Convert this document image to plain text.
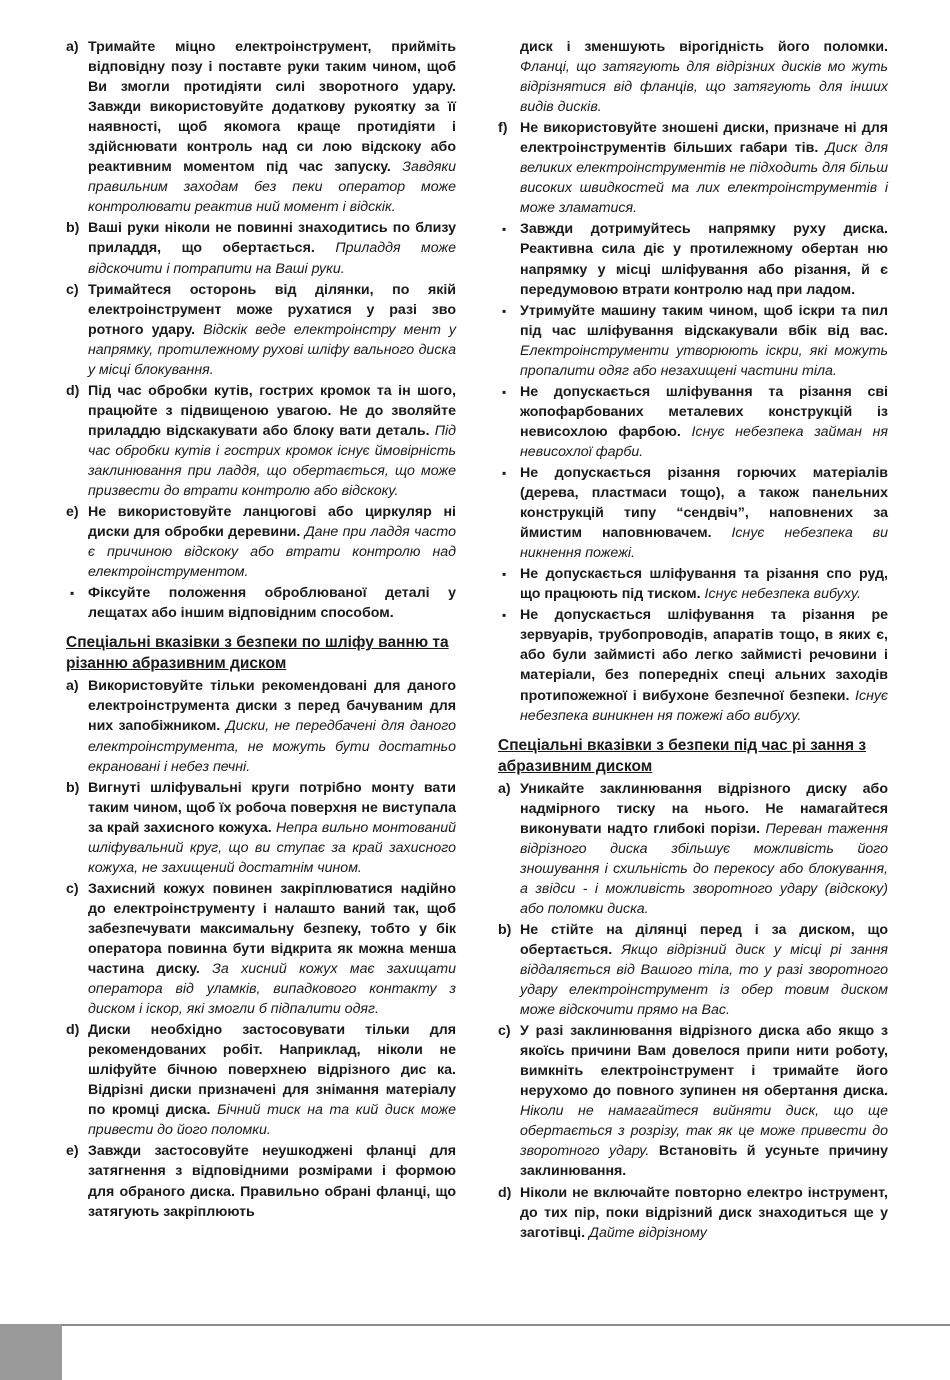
a) Тримайте міцно електроінструмент, прийміть відповідну позу і поставте руки таким чином, щоб Ви змогли протидіяти силі зворотного удару. Завжди використовуйте додаткову рукоятку за її наявності, щоб якомога краще протидіяти і здійснювати контроль над си лою відскоку або реактивним моментом під час запуску. Завдяки правильним заходам без пеки оператор може контролювати реактив ний момент і відскік.
b) Ваші руки ніколи не повинні знаходитись по близу приладдя, що обертається. Приладдя може відскочити і потрапити на Ваші руки.
c) Тримайтеся осторонь від ділянки, по якій електроінструмент може рухатися у разі зво ротного удару. Відскік веде електроінстру мент у напрямку, протилежному руховi шліфу вального диска у місці блокування.
d) Під час обробки кутів, гострих кромок та ін шого, працюйте з підвищеною увагою. Не до зволяйте приладдю відскакувати або блоку вати деталь. Під час обробки кутів і гострих кромок існує ймовірність заклинювання при ладдя, що обертається, що може призвести до втрати контролю або відскоку.
e) Не використовуйте ланцюгові або циркуляр ні диски для обробки деревини. Дане при ладдя часто є причиною відскоку або втрати контролю над електроінструментом.
▪ Фіксуйте положення оброблюваної деталі у лещатах або іншим відповідним способом.
Спеціальні вказівки з безпеки по шліфу ванню та різанню абразивним диском
a) Використовуйте тільки рекомендовані для даного електроінструмента диски з перед бачуваним для них запобіжником. Диски, не передбачені для даного електроінструмента, не можуть бути достатньо екрановані і небез печні.
b) Вигнуті шліфувальні круги потрібно монту вати таким чином, щоб їх робоча поверхня не виступала за край захисного кожуха. Непра вильно монтований шліфувальний круг, що ви ступає за край захисного кожуха, не захищений достатнім чином.
c) Захисний кожух повинен закріплюватися надійно до електроінструменту і налашто ваний так, щоб забезпечувати максимальну безпеку, тобто у бік оператора повинна бути відкрита як можна менша частина диску. За хисний кожух має захищати оператора від уламків, випадкового контакту з диском і іскор, які змогли б підпалити одяг.
d) Диски необхідно застосовувати тільки для рекомендованих робіт. Наприклад, ніколи не шліфуйте бічною поверхнею відрізного дис ка. Відрізні диски призначені для знімання матеріалу по кромці диска. Бічний тиск на та кий диск може привести до його поломки.
e) Завжди застосовуйте неушкоджені фланці для затягнення з відповідними розмірами і формою для обраного диска. Правильно обрані фланці, що затягують закріплюють
диск і зменшують вірогідність його поломки. Фланці, що затягують для відрізних дисків мо жуть відрізнятися від фланців, що затягують для інших видів дисків.
f) Не використовуйте зношені диски, призначе ні для електроінструментів більших габари тів. Диск для великих електроінструментів не підходить для більш високих швидкостей ма лих електроінструментів і може зламатися.
▪ Завжди дотримуйтесь напрямку руху диска. Реактивна сила діє у протилежному обертан ню напрямку у місці шліфування або різання, й є передумовою втрати контролю над при ладом.
▪ Утримуйте машину таким чином, щоб іскри та пил під час шліфування відскакували вбік від вас. Електроінструменти утворюють іскри, які можуть пропалити одяг або незахищені частини тіла.
▪ Не допускається шліфування та різання сві жопофарбованих металевих конструкцій із невисохлою фарбою. Існує небезпека займан ня невисохлої фарби.
▪ Не допускається різання горючих матеріалів (дерева, пластмаси тощо), а також панельних конструкцій типу “сендвіч”, наповнених за ймистим наповнювачем. Існує небезпека ви никнення пожежі.
▪ Не допускається шліфування та різання спо руд, що працюють під тиском. Існує небезпека вибуху.
▪ Не допускається шліфування та різання ре зервуарів, трубопроводів, апаратів тощо, в яких є, або були займисті або легко займисті речовини і матеріали, без попередніх спеці альних заходів протипожежної і вибухоне безпечної безпеки. Існує небезпека виникнен ня пожежі або вибуху.
Спеціальні вказівки з безпеки під час рі зання з абразивним диском
a) Уникайте заклинювання відрізного диску або надмірного тиску на нього. Не намагайтеся виконувати надто глибокі порізи. Переван таження відрізного диска збільшує можливість його зношування і схильність до перекосу або блокування, а звідси - і можливість зворотного удару (відскоку) або поломки диска.
b) Не стійте на ділянці перед і за диском, що обертається. Якщо відрізний диск у місці рі зання віддаляється від Вашого тіла, то у разі зворотного удару електроінструмент із обер товим диском може відскочити прямо на Вас.
c) У разі заклинювання відрізного диска або якщо з якоїсь причини Вам довелося припи нити роботу, вимкніть електроінструмент і тримайте його нерухомо до повного зупинен ня обертання диска. Ніколи не намагайтеся вийняти диск, що ще обертається з розрізу, так як це може привести до зворотного удару. Встановіть й усуньте причину заклинювання.
d) Ніколи не включайте повторно електро інструмент, до тих пір, поки відрізний диск знаходиться ще у заготівці. Дайте відрізному
